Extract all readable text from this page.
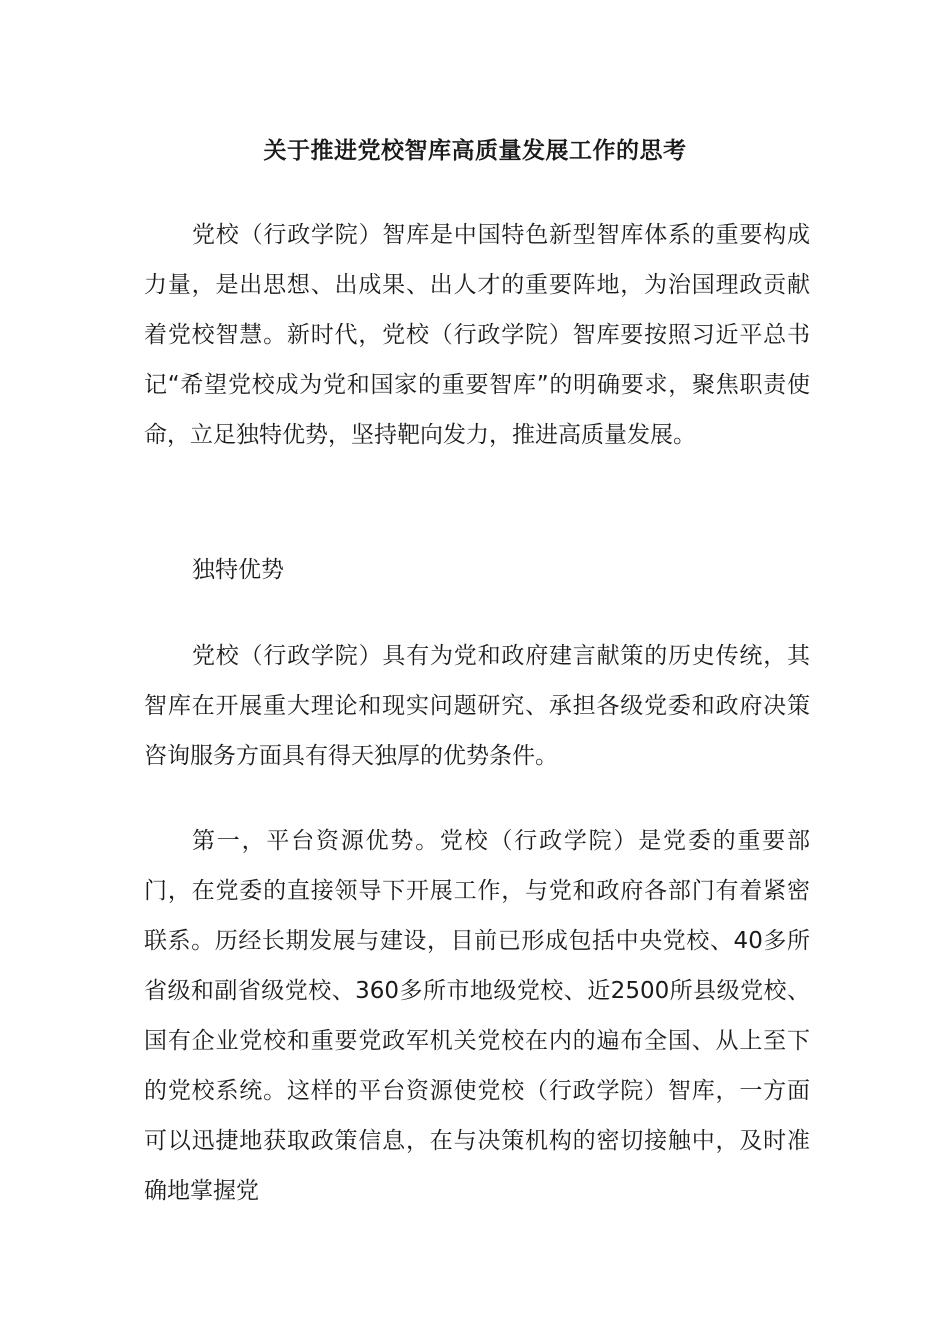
关于推进党校智库高质量发展工作的思考

党校（行政学院）智库是中国特色新型智库体系的重要构成力量，是出思想、出成果、出人才的重要阵地，为治国理政贡献着党校智慧。新时代，党校（行政学院）智库要按照习近平总书记“希望党校成为党和国家的重要智库”的明确要求，聚焦职责使命，立足独特优势，坚持靶向发力，推进高质量发展。

独特优势

党校（行政学院）具有为党和政府建言献策的历史传统，其智库在开展重大理论和现实问题研究、承担各级党委和政府决策咨询服务方面具有得天独厚的优势条件。

第一，平台资源优势。党校（行政学院）是党委的重要部门，在党委的直接领导下开展工作，与党和政府各部门有着紧密联系。历经长期发展与建设，目前已形成包括中央党校、40多所省级和副省级党校、360多所市地级党校、近2500所县级党校、国有企业党校和重要党政军机关党校在内的遍布全国、从上至下的党校系统。这样的平台资源使党校（行政学院）智库，一方面可以迅捷地获取政策信息，在与决策机构的密切接触中，及时准确地掌握党
